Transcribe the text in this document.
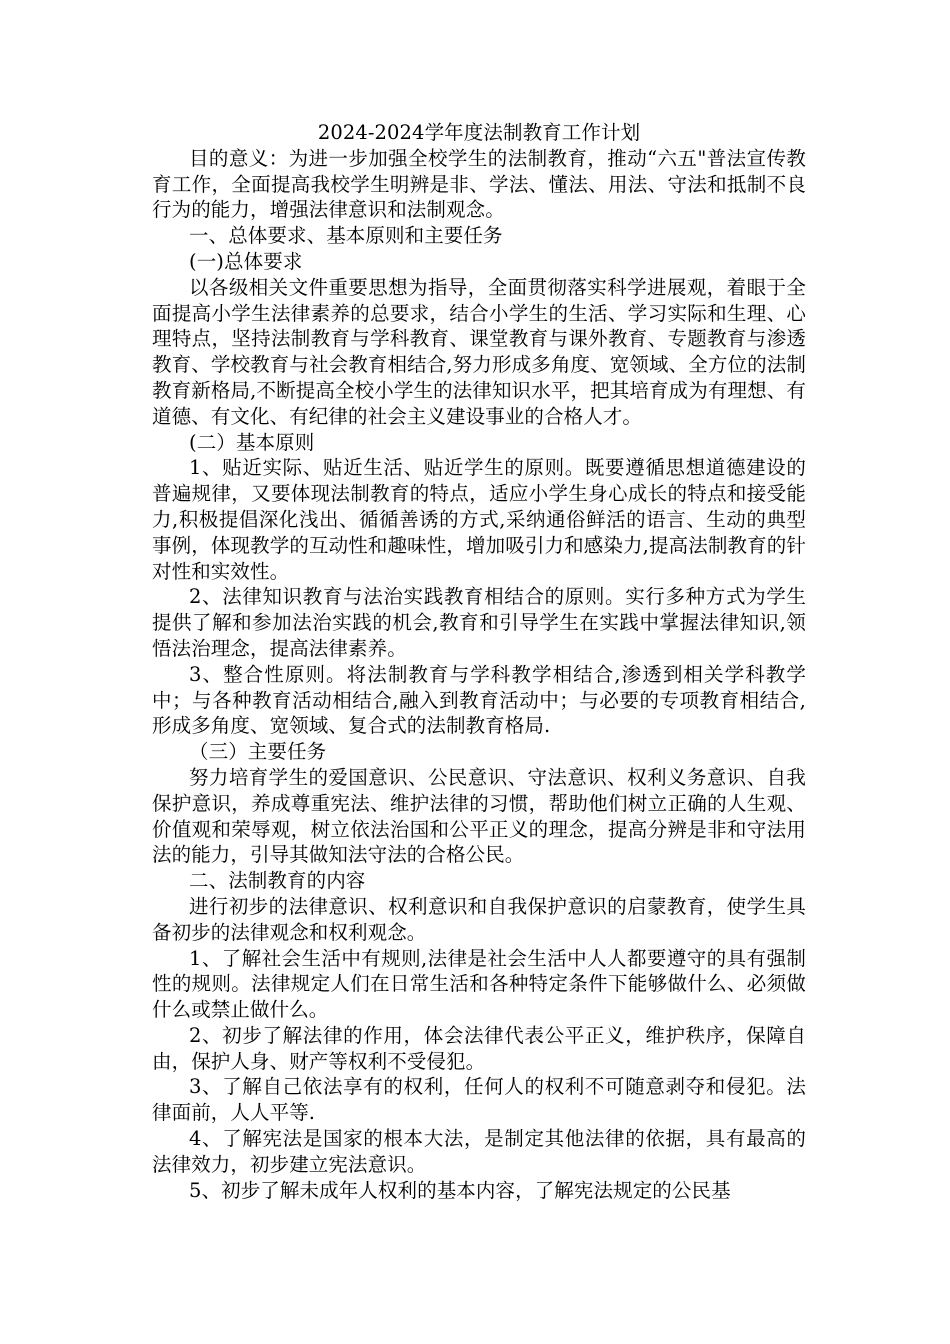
2024-2024学年度法制教育工作计划

目的意义：为进一步加强全校学生的法制教育，推动“六五"普法宣传教育工作，全面提高我校学生明辨是非、学法、懂法、用法、守法和抵制不良行为的能力，增强法律意识和法制观念。

一、总体要求、基本原则和主要任务

(一)总体要求

以各级相关文件重要思想为指导，全面贯彻落实科学进展观，着眼于全面提高小学生法律素养的总要求，结合小学生的生活、学习实际和生理、心理特点，坚持法制教育与学科教育、课堂教育与课外教育、专题教育与渗透教育、学校教育与社会教育相结合,努力形成多角度、宽领域、全方位的法制教育新格局,不断提高全校小学生的法律知识水平，把其培育成为有理想、有道德、有文化、有纪律的社会主义建设事业的合格人才。

(二）基本原则

1、贴近实际、贴近生活、贴近学生的原则。既要遵循思想道德建设的普遍规律，又要体现法制教育的特点，适应小学生身心成长的特点和接受能力,积极提倡深化浅出、循循善诱的方式,采纳通俗鲜活的语言、生动的典型事例，体现教学的互动性和趣味性，增加吸引力和感染力,提高法制教育的针对性和实效性。

2、法律知识教育与法治实践教育相结合的原则。实行多种方式为学生提供了解和参加法治实践的机会,教育和引导学生在实践中掌握法律知识,领悟法治理念，提高法律素养。

3、整合性原则。将法制教育与学科教学相结合,渗透到相关学科教学中；与各种教育活动相结合,融入到教育活动中；与必要的专项教育相结合,形成多角度、宽领域、复合式的法制教育格局.

（三）主要任务

努力培育学生的爱国意识、公民意识、守法意识、权利义务意识、自我保护意识，养成尊重宪法、维护法律的习惯，帮助他们树立正确的人生观、价值观和荣辱观，树立依法治国和公平正义的理念，提高分辨是非和守法用法的能力，引导其做知法守法的合格公民。

二、法制教育的内容

进行初步的法律意识、权利意识和自我保护意识的启蒙教育，使学生具备初步的法律观念和权利观念。

1、了解社会生活中有规则,法律是社会生活中人人都要遵守的具有强制性的规则。法律规定人们在日常生活和各种特定条件下能够做什么、必须做什么或禁止做什么。

2、初步了解法律的作用，体会法律代表公平正义，维护秩序，保障自由，保护人身、财产等权利不受侵犯。

3、了解自己依法享有的权利，任何人的权利不可随意剥夺和侵犯。法律面前，人人平等.

4、了解宪法是国家的根本大法，是制定其他法律的依据，具有最高的法律效力，初步建立宪法意识。

5、初步了解未成年人权利的基本内容，了解宪法规定的公民基
